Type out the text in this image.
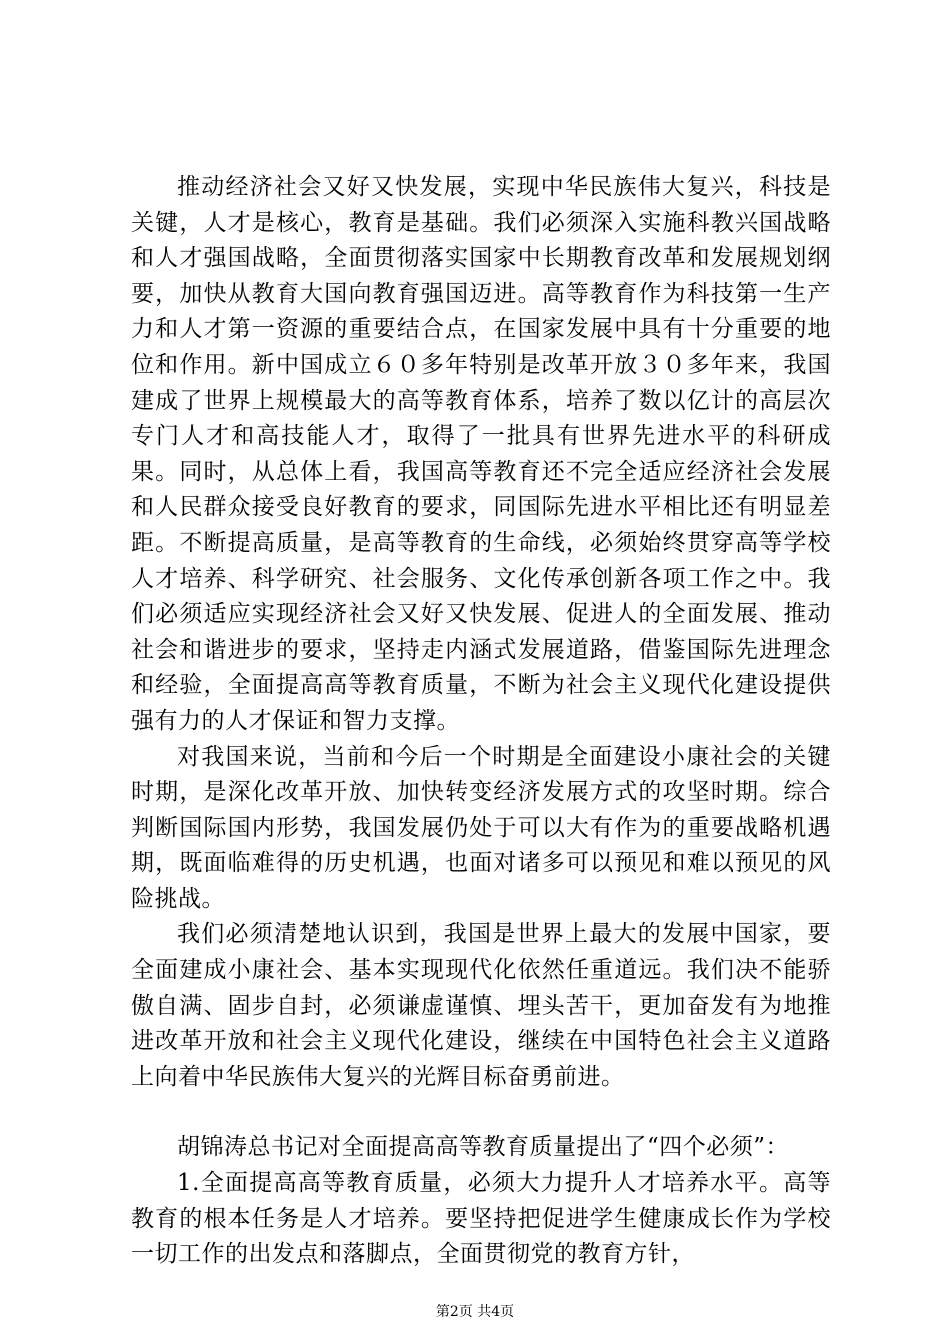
推动经济社会又好又快发展，实现中华民族伟大复兴，科技是关键，人才是核心，教育是基础。我们必须深入实施科教兴国战略和人才强国战略，全面贯彻落实国家中长期教育改革和发展规划纲要，加快从教育大国向教育强国迈进。高等教育作为科技第一生产力和人才第一资源的重要结合点，在国家发展中具有十分重要的地位和作用。新中国成立６０多年特别是改革开放３０多年来，我国建成了世界上规模最大的高等教育体系，培养了数以亿计的高层次专门人才和高技能人才，取得了一批具有世界先进水平的科研成果。同时，从总体上看，我国高等教育还不完全适应经济社会发展和人民群众接受良好教育的要求，同国际先进水平相比还有明显差距。不断提高质量，是高等教育的生命线，必须始终贯穿高等学校人才培养、科学研究、社会服务、文化传承创新各项工作之中。我们必须适应实现经济社会又好又快发展、促进人的全面发展、推动社会和谐进步的要求，坚持走内涵式发展道路，借鉴国际先进理念和经验，全面提高高等教育质量，不断为社会主义现代化建设提供强有力的人才保证和智力支撑。

对我国来说，当前和今后一个时期是全面建设小康社会的关键时期，是深化改革开放、加快转变经济发展方式的攻坚时期。综合判断国际国内形势，我国发展仍处于可以大有作为的重要战略机遇期，既面临难得的历史机遇，也面对诸多可以预见和难以预见的风险挑战。

我们必须清楚地认识到，我国是世界上最大的发展中国家，要全面建成小康社会、基本实现现代化依然任重道远。我们决不能骄傲自满、固步自封，必须谦虚谨慎、埋头苦干，更加奋发有为地推进改革开放和社会主义现代化建设，继续在中国特色社会主义道路上向着中华民族伟大复兴的光辉目标奋勇前进。

胡锦涛总书记对全面提高高等教育质量提出了“四个必须”：

1.全面提高高等教育质量，必须大力提升人才培养水平。高等教育的根本任务是人才培养。要坚持把促进学生健康成长作为学校一切工作的出发点和落脚点，全面贯彻党的教育方针，

第2页 共4页
